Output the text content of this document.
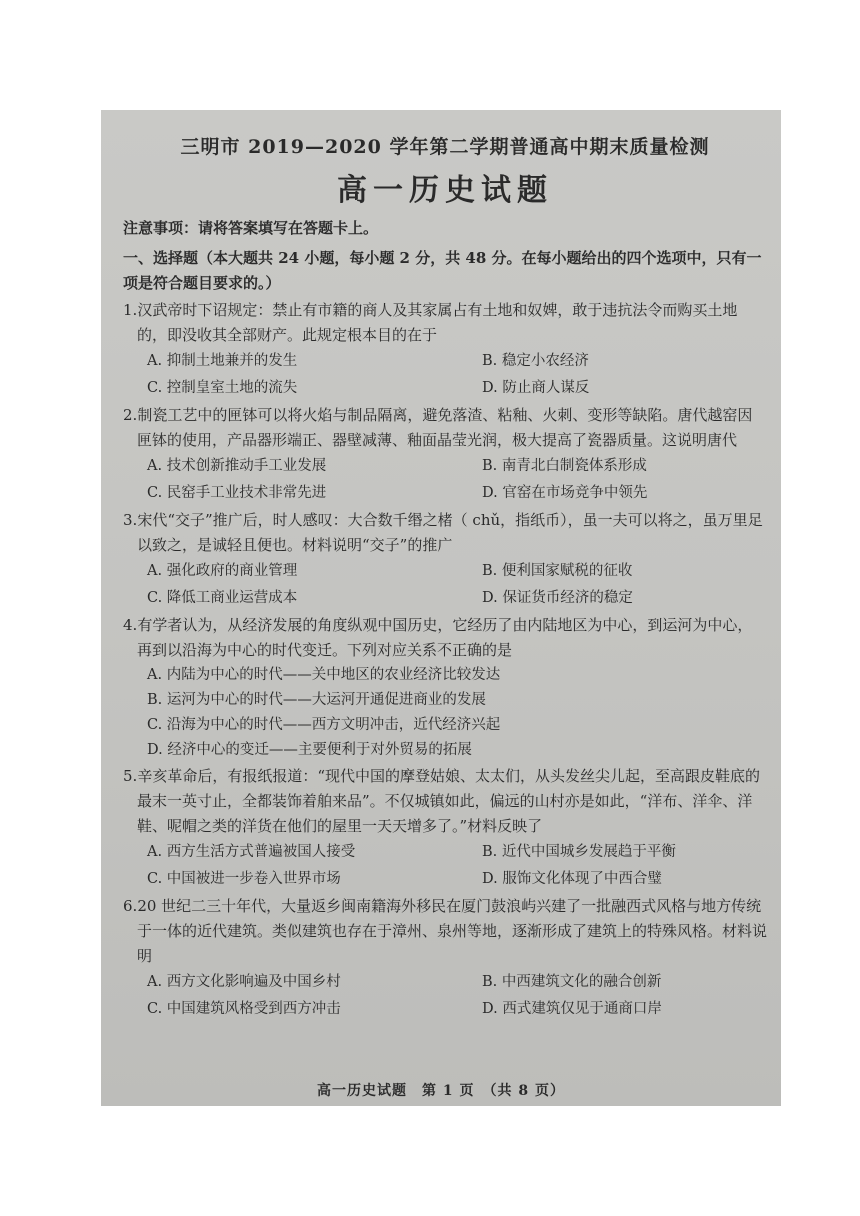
三明市 2019—2020 学年第二学期普通高中期末质量检测
高一历史试题
注意事项：请将答案填写在答题卡上。
一、选择题（本大题共 24 小题，每小题 2 分，共 48 分。在每小题给出的四个选项中，只有一项是符合题目要求的。）
1.汉武帝时下诏规定：禁止有市籍的商人及其家属占有土地和奴婢，敢于违抗法令而购买土地的，即没收其全部财产。此规定根本目的在于
A. 抑制土地兼并的发生	B. 稳定小农经济
C. 控制皇室土地的流失	D. 防止商人谋反
2.制瓷工艺中的匣钵可以将火焰与制品隔离，避免落渣、粘釉、火刺、变形等缺陷。唐代越窑因匣钵的使用，产品器形端正、器壁减薄、釉面晶莹光润，极大提高了瓷器质量。这说明唐代
A. 技术创新推动手工业发展	B. 南青北白制瓷体系形成
C. 民窑手工业技术非常先进	D. 官窑在市场竞争中领先
3.宋代“交子”推广后，时人感叹：大合数千缗之楮（ chǔ，指纸币），虽一夫可以将之，虽万里足以致之，是诚轻且便也。材料说明“交子”的推广
A. 强化政府的商业管理	B. 便利国家赋税的征收
C. 降低工商业运营成本	D. 保证货币经济的稳定
4.有学者认为，从经济发展的角度纵观中国历史，它经历了由内陆地区为中心，到运河为中心，再到以沿海为中心的时代变迁。下列对应关系不正确的是
A. 内陆为中心的时代——关中地区的农业经济比较发达
B. 运河为中心的时代——大运河开通促进商业的发展
C. 沿海为中心的时代——西方文明冲击，近代经济兴起
D. 经济中心的变迁——主要便利于对外贸易的拓展
5.辛亥革命后，有报纸报道：“现代中国的摩登姑娘、太太们，从头发丝尖儿起，至高跟皮鞋底的最末一英寸止，全都装饰着舶来品”。不仅城镇如此，偏远的山村亦是如此，“洋布、洋伞、洋鞋、呢帽之类的洋货在他们的屋里一天天增多了。”材料反映了
A. 西方生活方式普遍被国人接受	B. 近代中国城乡发展趋于平衡
C. 中国被进一步卷入世界市场	D. 服饰文化体现了中西合璧
6.20 世纪二三十年代，大量返乡闽南籍海外移民在厦门鼓浪屿兴建了一批融西式风格与地方传统于一体的近代建筑。类似建筑也存在于漳州、泉州等地，逐渐形成了建筑上的特殊风格。材料说明
A. 西方文化影响遍及中国乡村	B. 中西建筑文化的融合创新
C. 中国建筑风格受到西方冲击	D. 西式建筑仅见于通商口岸
高一历史试题　第 1 页　（共 8 页）
